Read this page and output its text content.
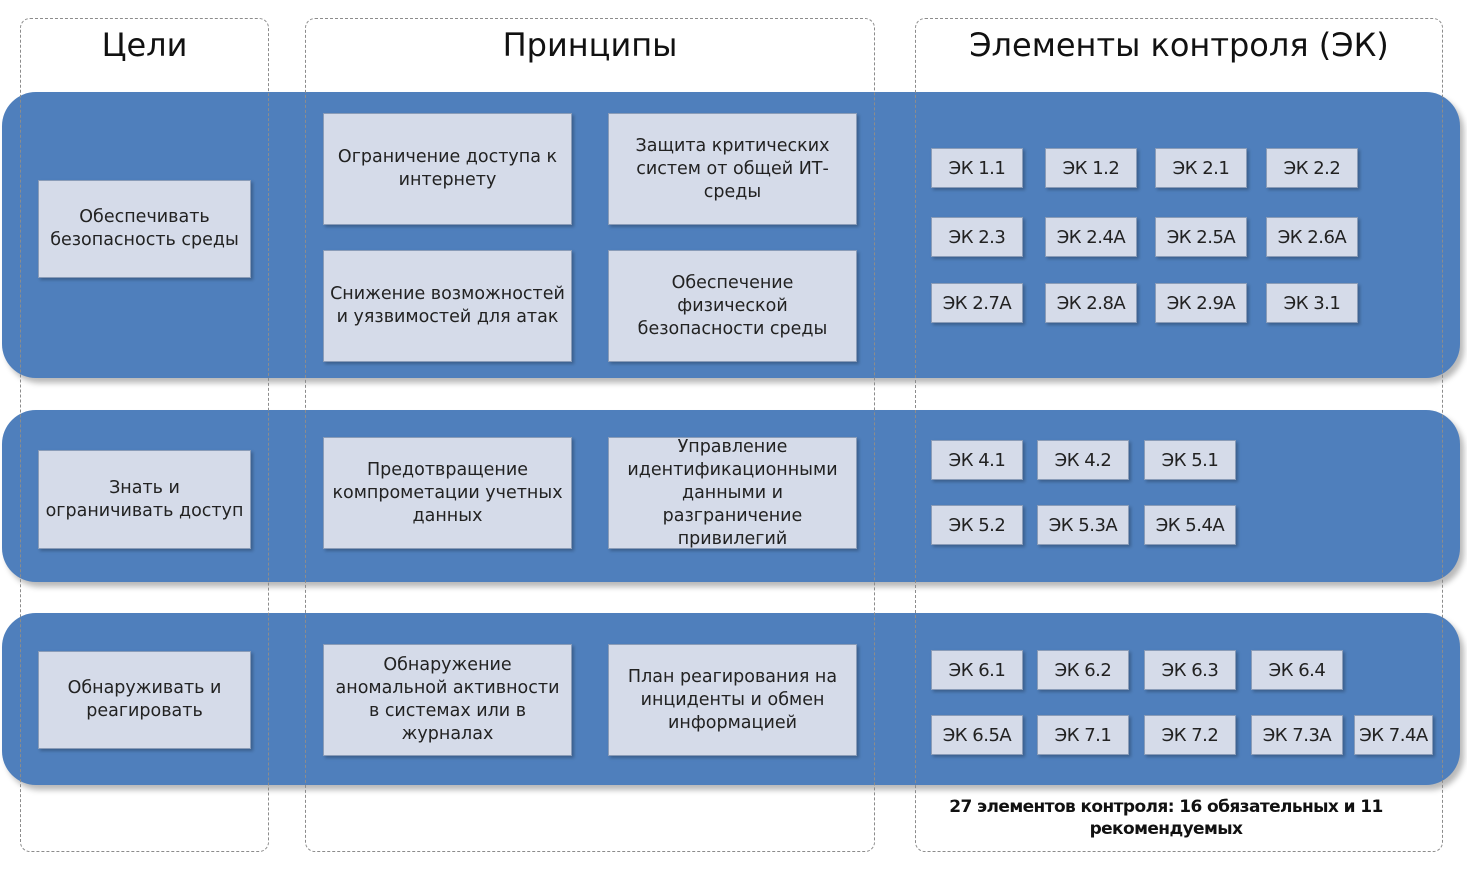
Цели	Принципы	Элементы контроля (ЭК)
Обеспечивать безопасность среды
Ограничение доступа к интернету
Защита критических систем от общей ИТ-среды
Снижение возможностей и уязвимостей для атак
Обеспечение физической безопасности среды
ЭК 1.1	ЭК 1.2	ЭК 2.1	ЭК 2.2
ЭК 2.3	ЭК 2.4A	ЭК 2.5A	ЭК 2.6A
ЭК 2.7A	ЭК 2.8A	ЭК 2.9A	ЭК 3.1
Знать и ограничивать доступ
Предотвращение компрометации учетных данных
Управление идентификационными данными и разграничение привилегий
ЭК 4.1	ЭК 4.2	ЭК 5.1
ЭК 5.2	ЭК 5.3A	ЭК 5.4A
Обнаруживать и реагировать
Обнаружение аномальной активности в системах или в журналах
План реагирования на инциденты и обмен информацией
ЭК 6.1	ЭК 6.2	ЭК 6.3	ЭК 6.4
ЭК 6.5A	ЭК 7.1	ЭК 7.2	ЭК 7.3A	ЭК 7.4A
27 элементов контроля: 16 обязательных и 11 рекомендуемых
